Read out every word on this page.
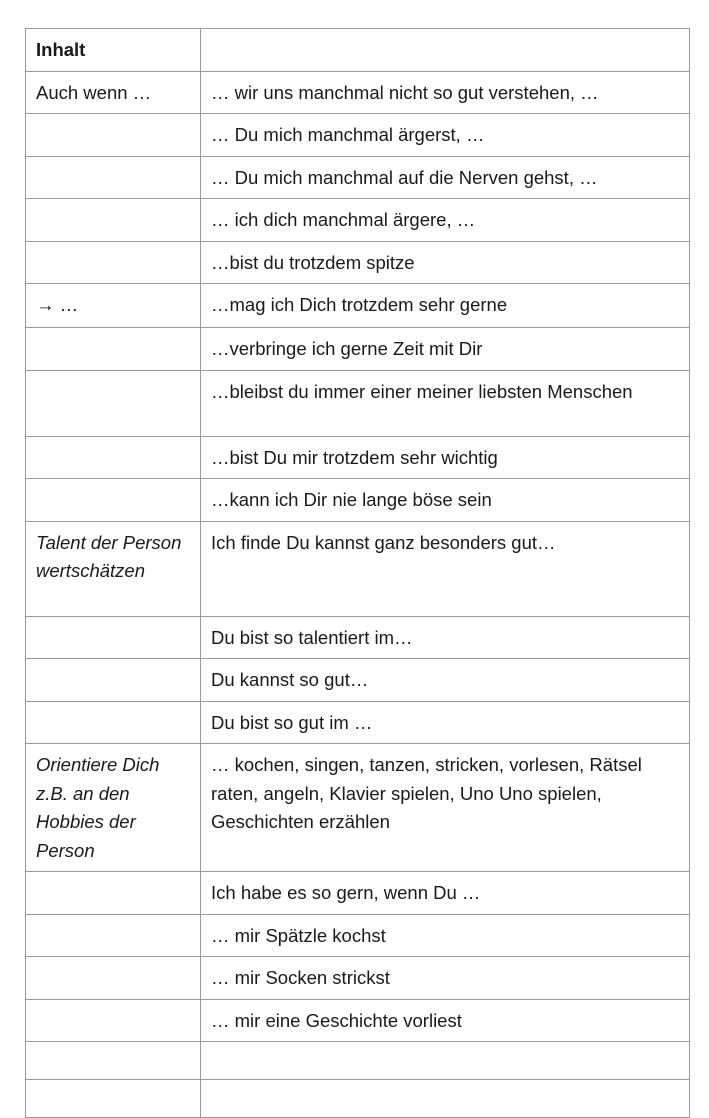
Inhalt	
Auch wenn …	… wir uns manchmal nicht so gut verstehen, …
	… Du mich manchmal ärgerst, …
	… Du mich manchmal auf die Nerven gehst, …
	… ich dich manchmal ärgere, …
	…bist du trotzdem spitze
→ …	…mag ich Dich trotzdem sehr gerne
	…verbringe ich gerne Zeit mit Dir
	…bleibst du immer einer meiner liebsten Menschen
	…bist Du mir trotzdem sehr wichtig
	…kann ich Dir nie lange böse sein
Talent der Person wertschätzen	Ich finde Du kannst ganz besonders gut…
	Du bist so talentiert im…
	Du kannst so gut…
	Du bist so gut im …
Orientiere Dich z.B. an den Hobbies der Person	… kochen, singen, tanzen, stricken, vorlesen, Rätsel raten, angeln, Klavier spielen, Uno Uno spielen, Geschichten erzählen
	Ich habe es so gern, wenn Du …
	… mir Spätzle kochst
	… mir Socken strickst
	… mir eine Geschichte vorliest
